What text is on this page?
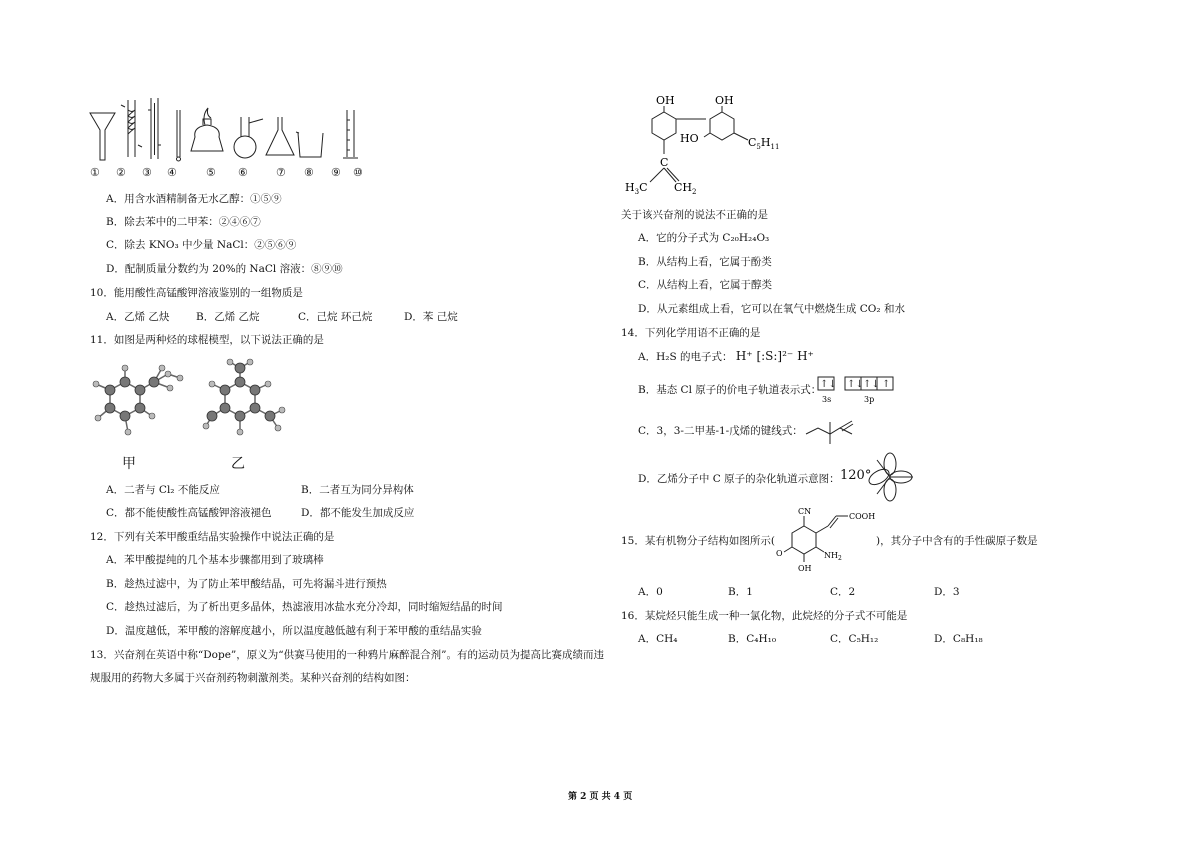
① ② ③ ④	⑤ ⑥	⑦ ⑧ ⑨ ⑩
A．用含水酒精制备无水乙醇：①⑤⑨
B．除去苯中的二甲苯：②④⑥⑦
C．除去 KNO₃ 中少量 NaCl：②⑤⑥⑨
D．配制质量分数约为 20%的 NaCl 溶液：⑧⑨⑩
10．能用酸性高锰酸钾溶液鉴别的一组物质是
A．乙烯 乙炔	B．乙烯 乙烷	C．己烷 环己烷	D．苯 己烷
11．如图是两种烃的球棍模型，以下说法正确的是
甲	乙
A．二者与 Cl₂ 不能反应	B．二者互为同分异构体
C．都不能使酸性高锰酸钾溶液褪色	D．都不能发生加成反应
12．下列有关苯甲酸重结晶实验操作中说法正确的是
A．苯甲酸提纯的几个基本步骤都用到了玻璃棒
B．趁热过滤中，为了防止苯甲酸结晶，可先将漏斗进行预热
C．趁热过滤后，为了析出更多晶体，热滤液用冰盐水充分冷却，同时缩短结晶的时间
D．温度越低，苯甲酸的溶解度越小，所以温度越低越有利于苯甲酸的重结晶实验
13．兴奋剂在英语中称“Dope”，原义为“供赛马使用的一种鸦片麻醉混合剂”。有的运动员为提高比赛成绩而违
规服用的药物大多属于兴奋剂药物刺激剂类。某种兴奋剂的结构如图：
OH	OH
HO	$C_5H_{11}$
C
$H_3C$ $CH_2$
关于该兴奋剂的说法不正确的是
A．它的分子式为 C₂₀H₂₄O₃
B．从结构上看，它属于酚类
C．从结构上看，它属于醇类
D．从元素组成上看，它可以在氧气中燃烧生成 CO₂ 和水
14．下列化学用语不正确的是
A．H₂S 的电子式： H⁺ [:S:]²⁻ H⁺
B．基态 Cl 原子的价电子轨道表示式：
↑↓ ↑↓ ↑↓ ↑
3s	3p
C．3，3-二甲基-1-戊烯的键线式：
D．乙烯分子中 C 原子的杂化轨道示意图： 120°
15．某有机物分子结构如图所示(
CN
COOH
O	$NH_2$
OH
)，其分子中含有的手性碳原子数是
A．0	B．1	C．2	D．3
16．某烷烃只能生成一种一氯化物，此烷烃的分子式不可能是
A．CH₄	B．C₄H₁₀	C．C₅H₁₂	D．C₈H₁₈
第 2 页 共 4 页
